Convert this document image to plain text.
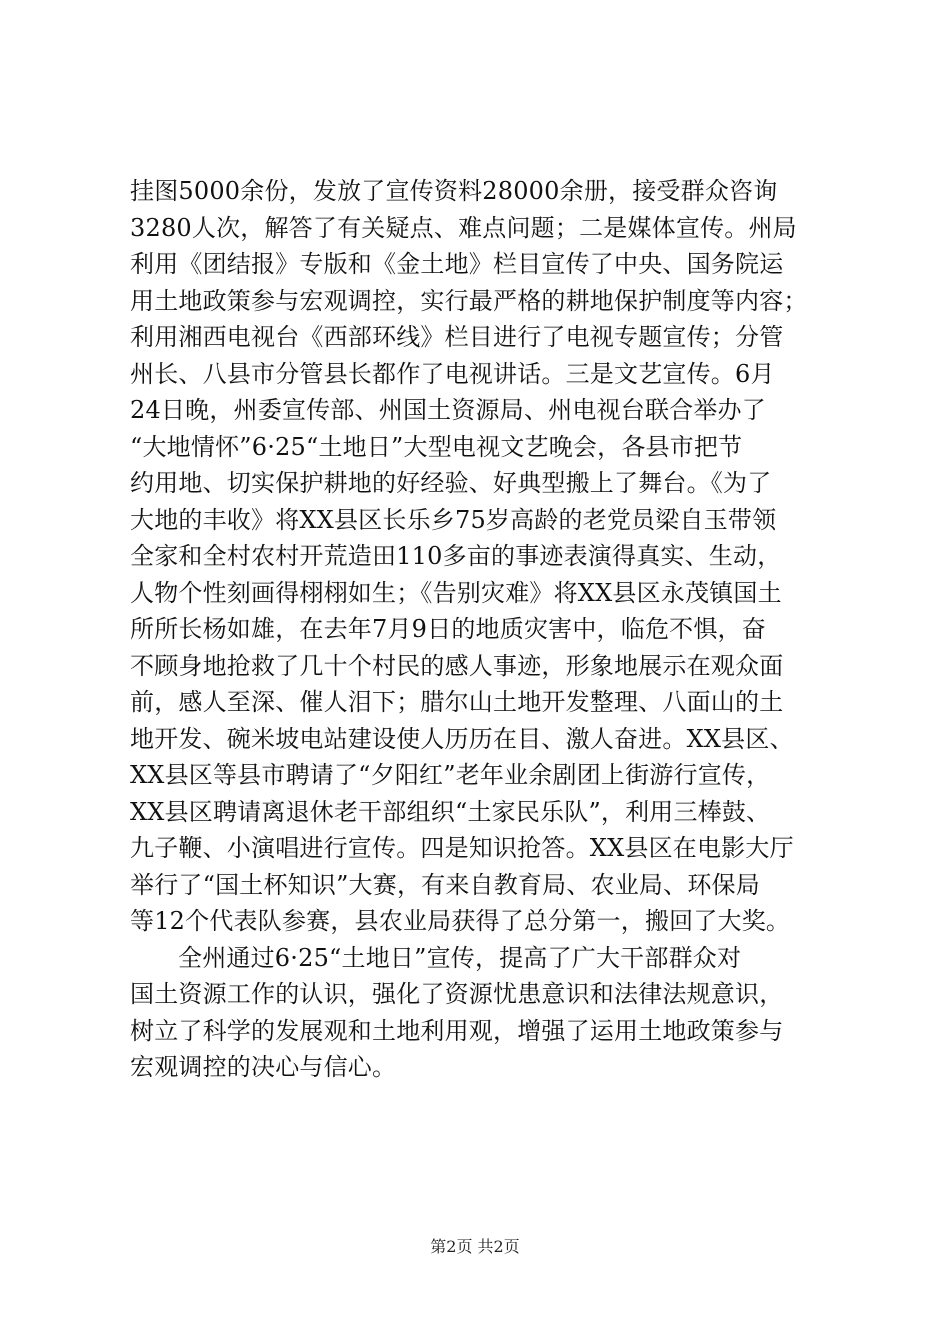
挂图5000余份，发放了宣传资料28000余册，接受群众咨询
3280人次，解答了有关疑点、难点问题；二是媒体宣传。州局
利用《团结报》专版和《金土地》栏目宣传了中央、国务院运
用土地政策参与宏观调控，实行最严格的耕地保护制度等内容；
利用湘西电视台《西部环线》栏目进行了电视专题宣传；分管
州长、八县市分管县长都作了电视讲话。三是文艺宣传。6月
24日晚，州委宣传部、州国土资源局、州电视台联合举办了
“大地情怀”6·25“土地日”大型电视文艺晚会，各县市把节
约用地、切实保护耕地的好经验、好典型搬上了舞台。《为了
大地的丰收》将XX县区长乐乡75岁高龄的老党员梁自玉带领
全家和全村农村开荒造田110多亩的事迹表演得真实、生动，
人物个性刻画得栩栩如生；《告别灾难》将XX县区永茂镇国土
所所长杨如雄，在去年7月9日的地质灾害中，临危不惧，奋
不顾身地抢救了几十个村民的感人事迹，形象地展示在观众面
前，感人至深、催人泪下；腊尔山土地开发整理、八面山的土
地开发、碗米坡电站建设使人历历在目、激人奋进。XX县区、
XX县区等县市聘请了“夕阳红”老年业余剧团上街游行宣传，
XX县区聘请离退休老干部组织“土家民乐队”，利用三棒鼓、
九子鞭、小演唱进行宣传。四是知识抢答。XX县区在电影大厅
举行了“国土杯知识”大赛，有来自教育局、农业局、环保局
等12个代表队参赛，县农业局获得了总分第一，搬回了大奖。
全州通过6·25“土地日”宣传，提高了广大干部群众对
国土资源工作的认识，强化了资源忧患意识和法律法规意识，
树立了科学的发展观和土地利用观，增强了运用土地政策参与
宏观调控的决心与信心。
第2页 共2页
